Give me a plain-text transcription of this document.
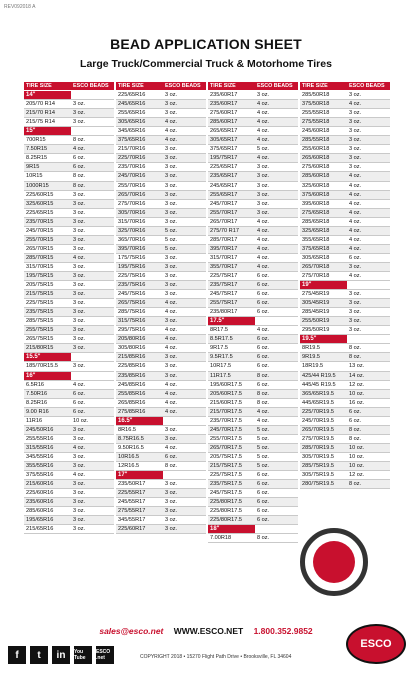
REV092018 A
BEAD APPLICATION SHEET
Large Truck/Commercial Truck & Motorhome Tires
TIRE SIZE	ESCO BEADS
14"
205/70 R14	3 oz.
215/70 R14	3 oz.
215/75 R14	3 oz.
15"
700R15	8 oz.
7.50R15	4 oz.
8.25R15	6 oz.
9R15	6 oz.
10R15	8 oz.
1000R15	8 oz.
225/60R15	3 oz.
325/60R15	3 oz.
225/65R15	3 oz.
235/70R15	3 oz.
245/70R15	3 oz.
255/70R15	3 oz.
265/70R15	3 oz.
285/70R15	4 oz.
315/70R15	3 oz.
195/75R15	3 oz.
205/75R15	3 oz.
215/75R15	3 oz.
225/75R15	3 oz.
235/75R15	3 oz.
285/75R15	3 oz.
255/75R15	3 oz.
265/75R15	3 oz.
215/80R15	3 oz.
15.5"
185/70R15.5	3 oz.
16"
6.5R16	4 oz.
7.50R16	6 oz.
8.25R16	6 oz.
9.00 R16	6 oz.
11R16	10 oz.
245/50R16	3 oz.
255/55R16	3 oz.
315/55R16	4 oz.
345/55R16	3 oz.
355/55R16	3 oz.
375/55R16	4 oz.
215/60R16	3 oz.
225/60R16	3 oz.
235/60R16	3 oz.
285/60R16	3 oz.
195/65R16	3 oz.
215/65R16	3 oz.
TIRE SIZE	ESCO BEADS
225/65R16	3 oz.
245/65R16	3 oz.
255/65R16	3 oz.
305/65R16	4 oz.
345/65R16	4 oz.
375/65R16	4 oz.
215/70R16	3 oz.
225/70R16	3 oz.
235/70R16	3 oz.
245/70R16	3 oz.
255/70R16	3 oz.
265/70R16	3 oz.
275/70R16	3 oz.
305/70R16	3 oz.
315/70R16	3 oz.
325/70R16	5 oz.
365/70R16	5 oz.
395/70R16	5 oz.
175/75R16	3 oz.
195/75R16	3 oz.
225/75R16	3 oz.
235/75R16	3 oz.
245/75R16	3 oz.
265/75R16	4 oz.
285/75R16	4 oz.
315/75R16	3 oz.
295/75R16	4 oz.
205/80R16	4 oz.
305/80R16	4 oz.
215/85R16	3 oz.
225/85R16	3 oz.
235/85R16	3 oz.
245/85R16	4 oz.
255/85R16	4 oz.
265/85R16	4 oz.
275/85R16	4 oz.
16.5"
8R16.5	3 oz.
8.75R16.5	3 oz.
9.50R16.5	4 oz.
10R16.5	6 oz.
12R16.5	8 oz.
17"
235/50R17	3 oz.
225/55R17	3 oz.
245/55R17	3 oz.
275/55R17	3 oz.
345/55R17	3 oz.
225/60R17	3 oz.
TIRE SIZE	ESCO BEADS
235/60R17	3 oz.
235/60R17	4 oz.
275/60R17	4 oz.
285/60R17	4 oz.
265/65R17	4 oz.
305/65R17	4 oz.
375/65R17	5 oz.
195/75R17	4 oz.
225/65R17	3 oz.
235/65R17	3 oz.
245/65R17	3 oz.
255/65R17	3 oz.
245/70R17	3 oz.
255/70R17	3 oz.
265/70R17	4 oz.
275/70 R17	4 oz.
285/70R17	4 oz.
395/70R17	4 oz.
315/70R17	4 oz.
355/70R17	4 oz.
225/75R17	6 oz.
235/75R17	6 oz.
245/75R17	6 oz.
255/75R17	6 oz.
235/80R17	6 oz.
17.5"
8R17.5	4 oz.
8.5R17.5	6 oz.
9R17.5	6 oz.
9.5R17.5	6 oz.
10R17.5	6 oz.
11R17.5	8 oz.
195/60R17.5	6 oz.
205/60R17.5	8 oz.
215/60R17.5	8 oz.
215/70R17.5	4 oz.
235/70R17.5	4 oz.
245/70R17.5	5 oz.
255/70R17.5	5 oz.
265/70R17.5	5 oz.
205/75R17.5	5 oz.
215/75R17.5	5 oz.
225/75R17.5	6 oz.
235/75R17.5	6 oz.
245/75R17.5	6 oz.
225/80R17.5	6 oz.
225/80R17.5	6 oz.
225/80R17.5	6 oz.
18"
7.00R18	8 oz.
TIRE SIZE	ESCO BEADS
285/50R18	3 oz.
375/50R18	4 oz.
255/55R18	3 oz.
275/55R18	3 oz.
245/60R18	3 oz.
285/55R18	3 oz.
255/60R18	3 oz.
265/60R18	3 oz.
275/60R18	3 oz.
285/60R18	4 oz.
325/60R18	4 oz.
375/60R18	4 oz.
395/60R18	4 oz.
275/65R18	4 oz.
285/65R18	4 oz.
325/65R18	4 oz.
355/65R18	4 oz.
375/65R18	4 oz.
305/65R18	6 oz.
265/70R18	3 oz.
275/70R18	4 oz.
19"
275/45R19	3 oz.
305/45R19	3 oz.
285/45R19	3 oz.
255/50R19	3 oz.
295/50R19	3 oz.
19.5"
8R19.5	8 oz.
9R19.5	8 oz.
18R19.5	13 oz.
425/44 R19.5	14 oz.
445/45 R19.5	12 oz.
365/65R19.5	10 oz.
445/65R19.5	16 oz.
225/70R19.5	6 oz.
245/70R19.5	6 oz.
265/70R19.5	8 oz.
275/70R19.5	8 oz.
285/70R19.5	10 oz.
305/70R19.5	10 oz.
285/75R19.5	10 oz.
305/75R19.5	12 oz.
280/75R19.5	8 oz.
sales@esco.net WWW.ESCO.NET 1.800.352.9852
f	t	in	You Tube
ESCO .net	COPYRIGHT 2018 • 15270 Flight Path Drive • Brooksville, FL 34604
ESCO
